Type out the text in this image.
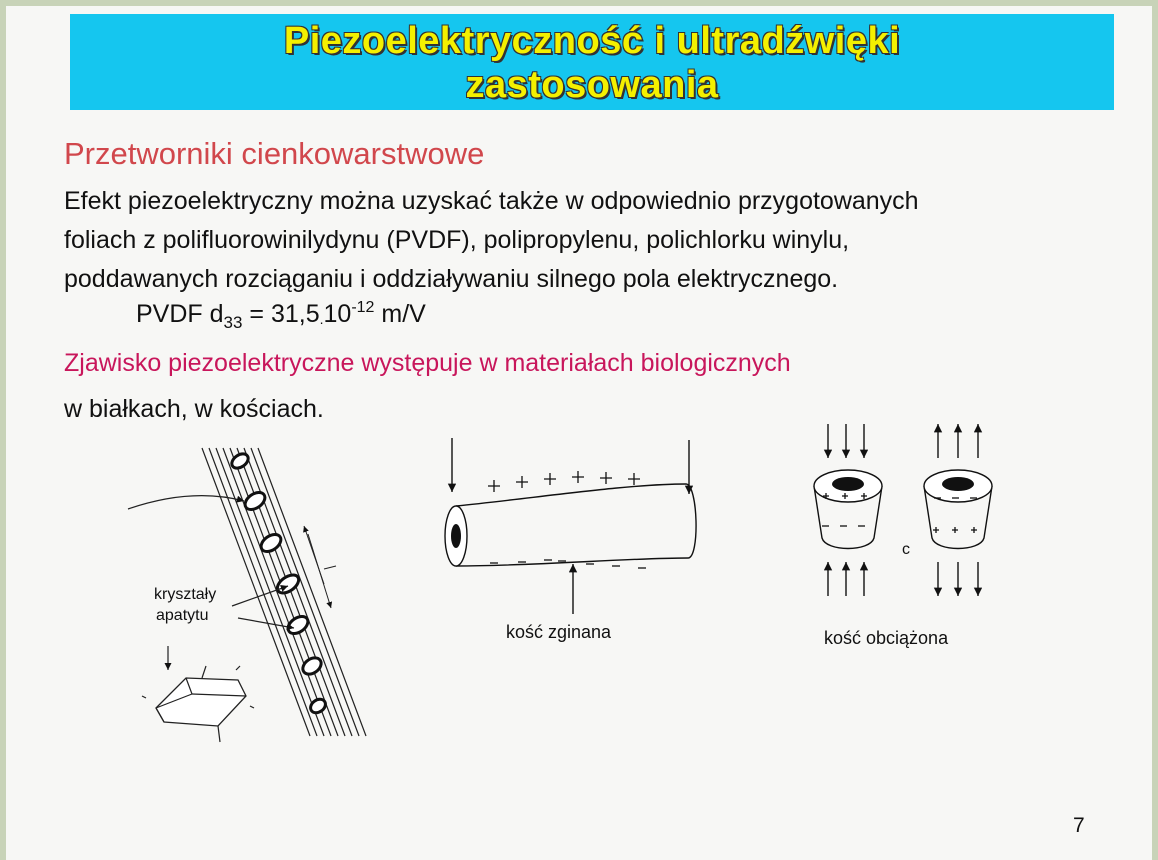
Piezoelektryczność i ultradźwięki
zastosowania
Przetworniki cienkowarstwowe

Efekt piezoelektryczny można uzyskać także w odpowiednio przygotowanych
foliach z polifluorowinilydynu (PVDF), polipropylenu, polichlorku winylu,
poddawanych rozciąganiu i oddziaływaniu silnego pola elektrycznego.

PVDF $d_{33} = 31,5.10^{-12}$ m/V

Zjawisko piezoelektryczne występuje w materiałach biologicznych

w białkach, w kościach.

kryształy
apatytu
kość zginana
c
kość obciążona
7
